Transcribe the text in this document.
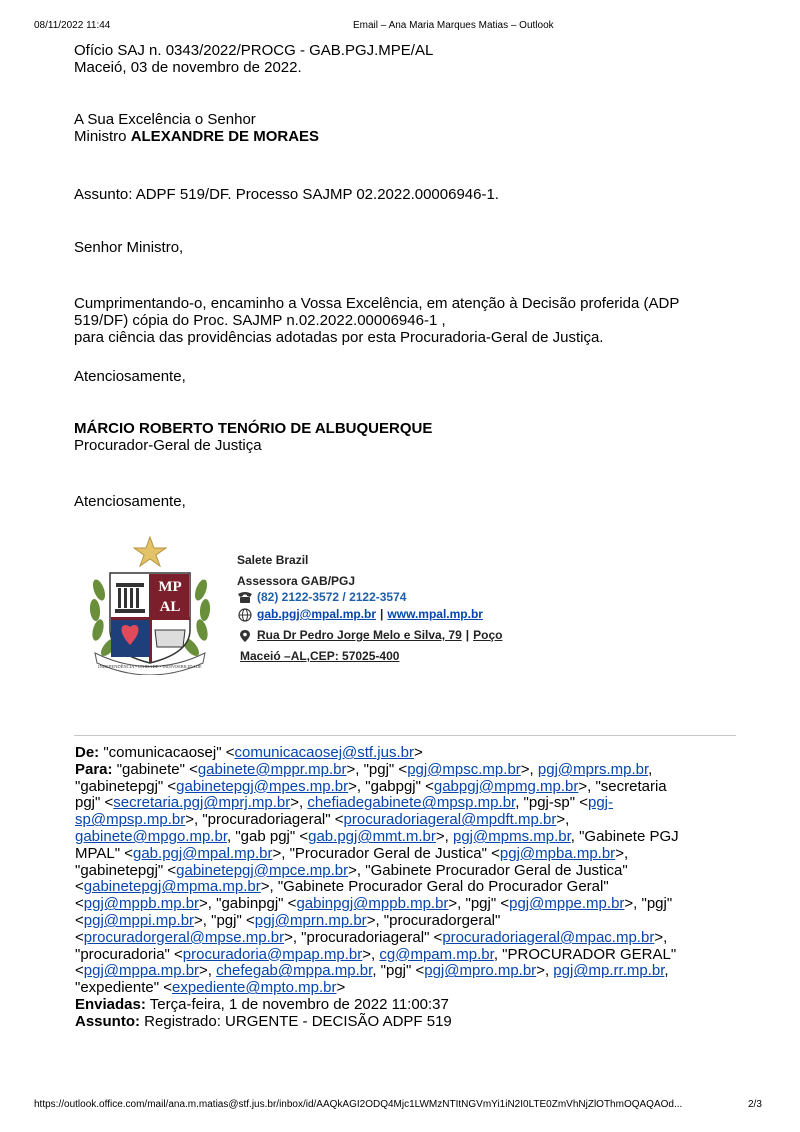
08/11/2022 11:44	Email – Ana Maria Marques Matias – Outlook
Ofício SAJ n. 0343/2022/PROCG - GAB.PGJ.MPE/AL
Maceió, 03 de novembro de 2022.
A Sua Excelência o Senhor
Ministro ALEXANDRE DE MORAES
Assunto: ADPF 519/DF. Processo SAJMP 02.2022.00006946-1.
Senhor Ministro,
Cumprimentando-o, encaminho a Vossa Excelência, em atenção à Decisão proferida (ADP
519/DF) cópia do Proc. SAJMP n.02.2022.00006946-1 ,
para ciência das providências adotadas por esta Procuradoria-Geral de Justiça.
Atenciosamente,
MÁRCIO ROBERTO TENÓRIO DE ALBUQUERQUE
Procurador-Geral de Justiça
Atenciosamente,
MP
AL
INDEPENDÊNCIA • UNIDADE • INDIVISIBILIDADE
Salete Brazil
Assessora GAB/PGJ
(82) 2122-3572 / 2122-3574
gab.pgj@mpal.mp.br | www.mpal.mp.br
Rua Dr Pedro Jorge Melo e Silva, 79 | Poço
Maceió –AL,CEP: 57025-400
De: "comunicacaosej" <comunicacaosej@stf.jus.br>
Para: "gabinete" <gabinete@mppr.mp.br>, "pgj" <pgj@mpsc.mp.br>, pgj@mprs.mp.br,
"gabinetepgj" <gabinetepgj@mpes.mp.br>, "gabpgj" <gabpgj@mpmg.mp.br>, "secretaria
pgj" <secretaria.pgj@mprj.mp.br>, chefiadegabinete@mpsp.mp.br, "pgj-sp" <pgj-
sp@mpsp.mp.br>, "procuradoriageral" <procuradoriageral@mpdft.mp.br>,
gabinete@mpgo.mp.br, "gab pgj" <gab.pgj@mmt.m.br>, pgj@mpms.mp.br, "Gabinete PGJ
MPAL" <gab.pgj@mpal.mp.br>, "Procurador Geral de Justica" <pgj@mpba.mp.br>,
"gabinetepgj" <gabinetepgj@mpce.mp.br>, "Gabinete Procurador Geral de Justica"
<gabinetepgj@mpma.mp.br>, "Gabinete Procurador Geral do Procurador Geral"
<pgj@mppb.mp.br>, "gabinpgj" <gabinpgj@mppb.mp.br>, "pgj" <pgj@mppe.mp.br>, "pgj"
<pgj@mppi.mp.br>, "pgj" <pgj@mprn.mp.br>, "procuradorgeral"
<procuradorgeral@mpse.mp.br>, "procuradoriageral" <procuradoriageral@mpac.mp.br>,
"procuradoria" <procuradoria@mpap.mp.br>, cg@mpam.mp.br, "PROCURADOR GERAL"
<pgj@mppa.mp.br>, chefegab@mppa.mp.br, "pgj" <pgj@mpro.mp.br>, pgj@mp.rr.mp.br,
"expediente" <expediente@mpto.mp.br>
Enviadas: Terça-feira, 1 de novembro de 2022 11:00:37
Assunto: Registrado: URGENTE - DECISÃO ADPF 519
https://outlook.office.com/mail/ana.m.matias@stf.jus.br/inbox/id/AAQkAGI2ODQ4Mjc1LWMzNTItNGVmYi1iN2I0LTE0ZmVhNjZlOThmOQAQAOd...	2/3
